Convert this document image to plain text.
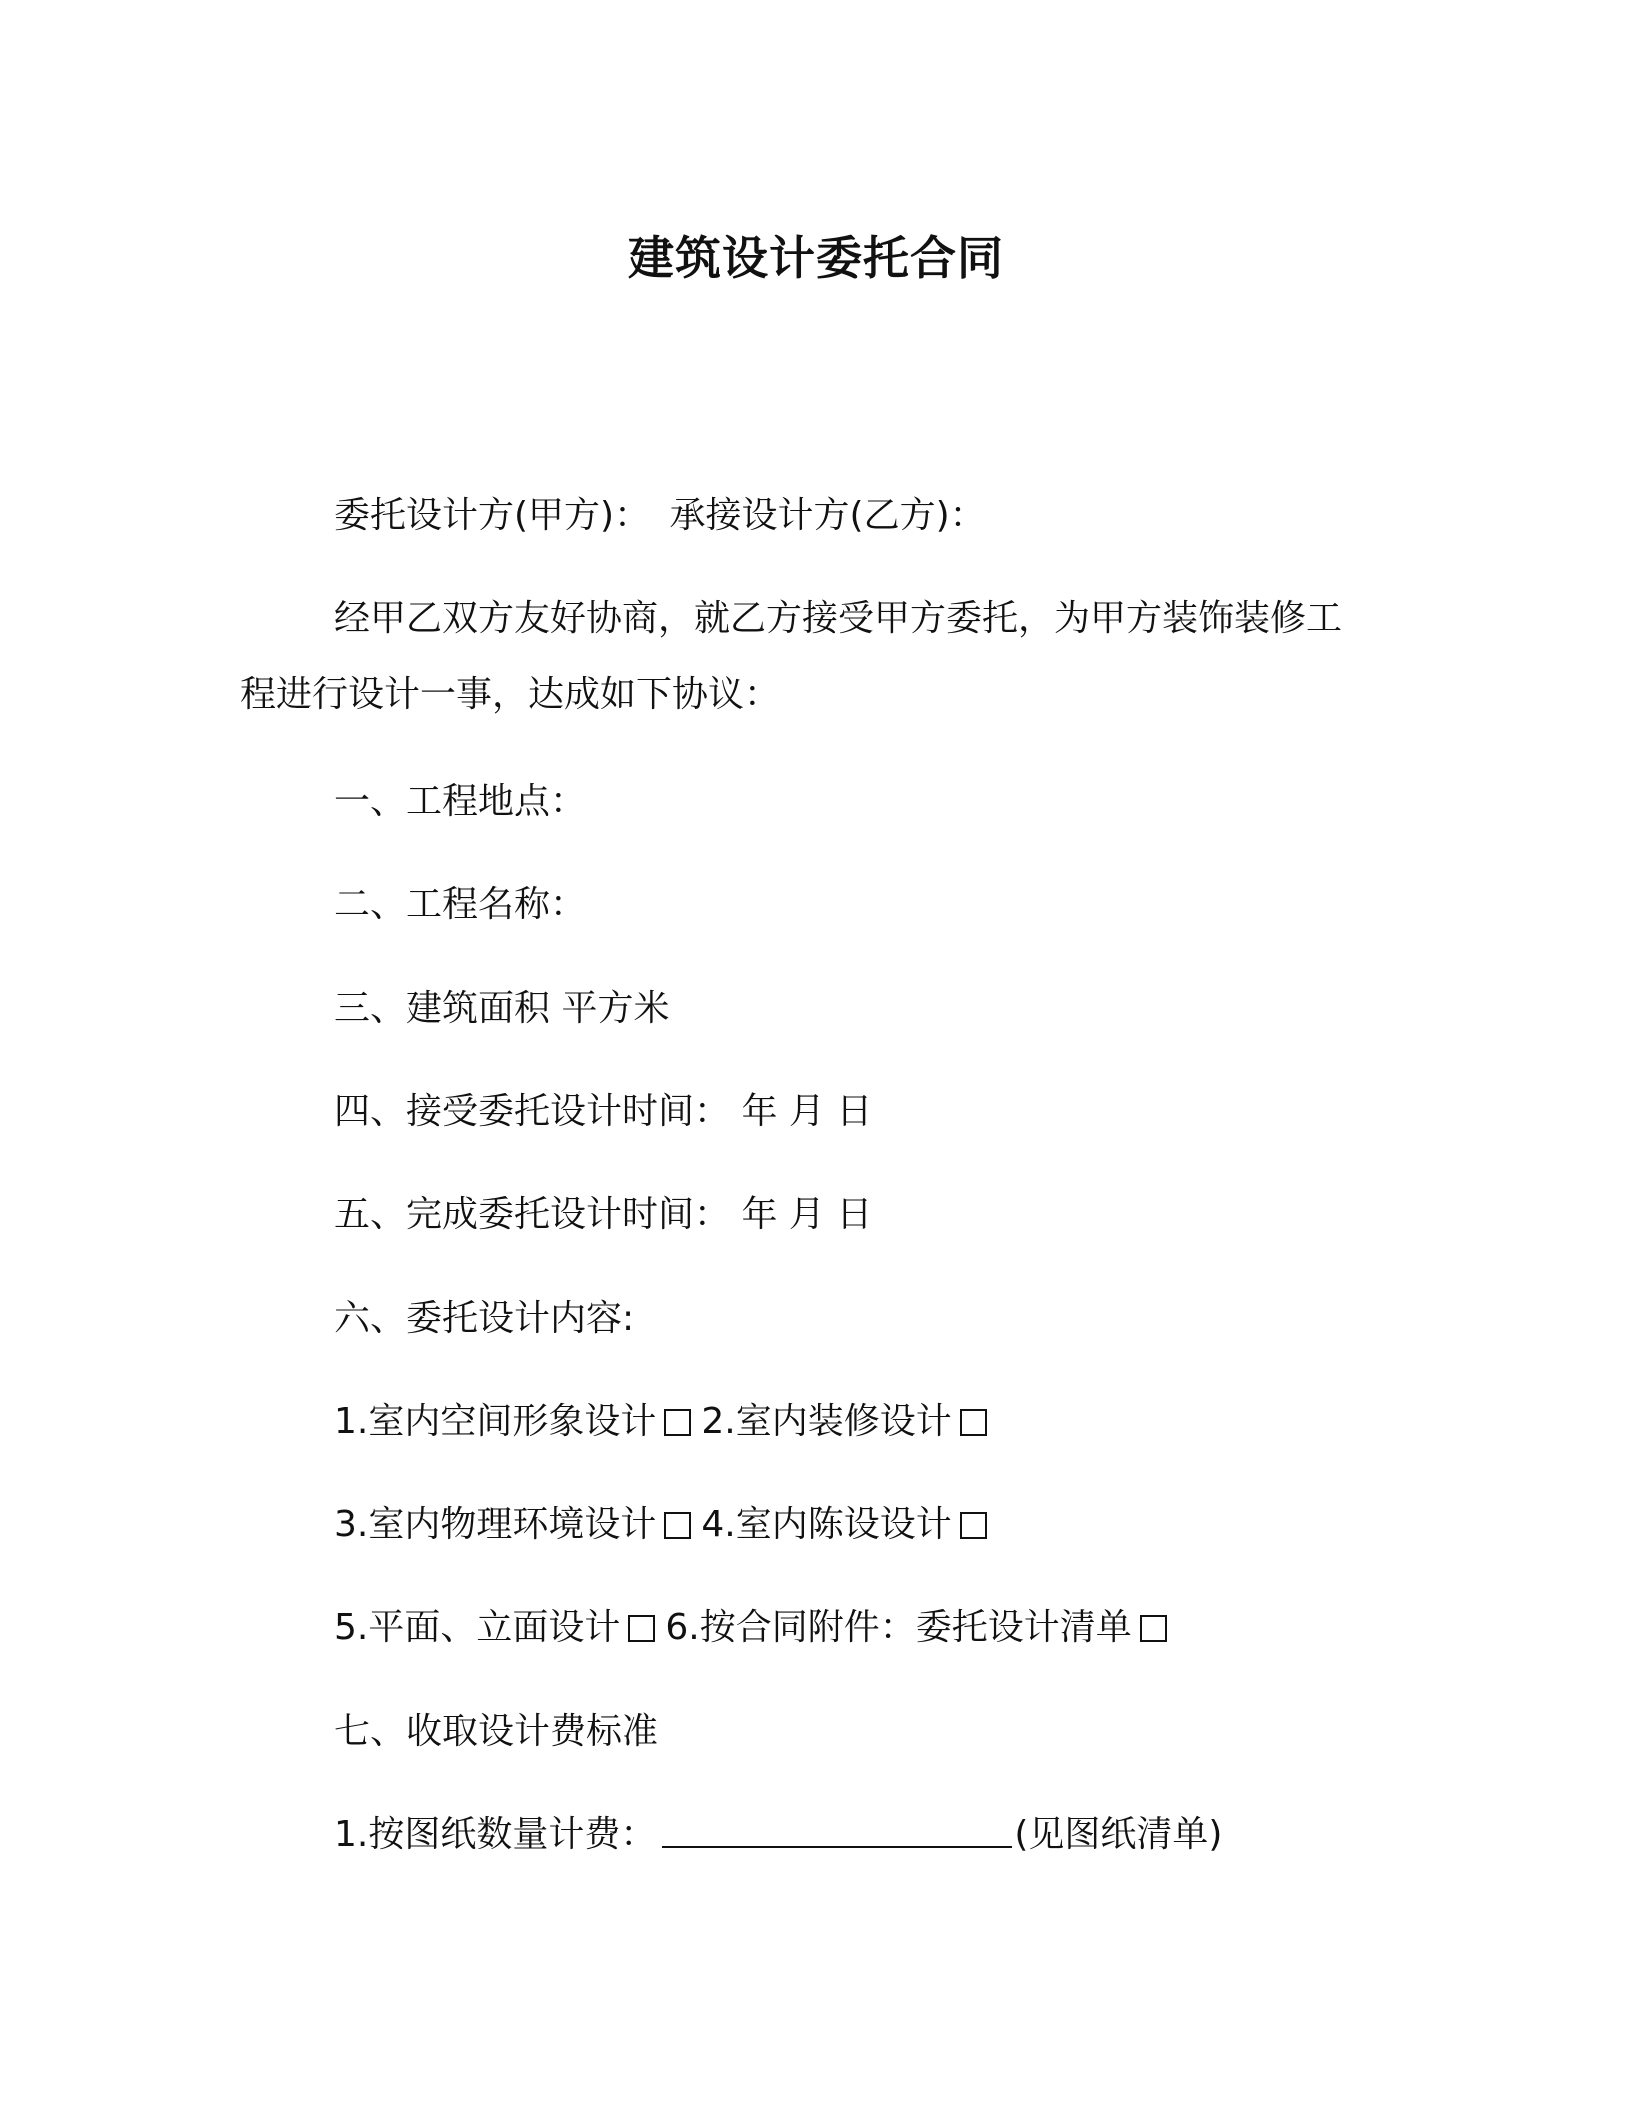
建筑设计委托合同
委托设计方(甲方)： 承接设计方(乙方)：
经甲乙双方友好协商，就乙方接受甲方委托，为甲方装饰装修工
程进行设计一事，达成如下协议：
一、工程地点：
二、工程名称：
三、建筑面积 平方米
四、接受委托设计时间： 年 月 日
五、完成委托设计时间： 年 月 日
六、委托设计内容:
1.室内空间形象设计 2.室内装修设计
3.室内物理环境设计 4.室内陈设设计
5.平面、立面设计 6.按合同附件：委托设计清单
七、收取设计费标准
1.按图纸数量计费：	(见图纸清单)
